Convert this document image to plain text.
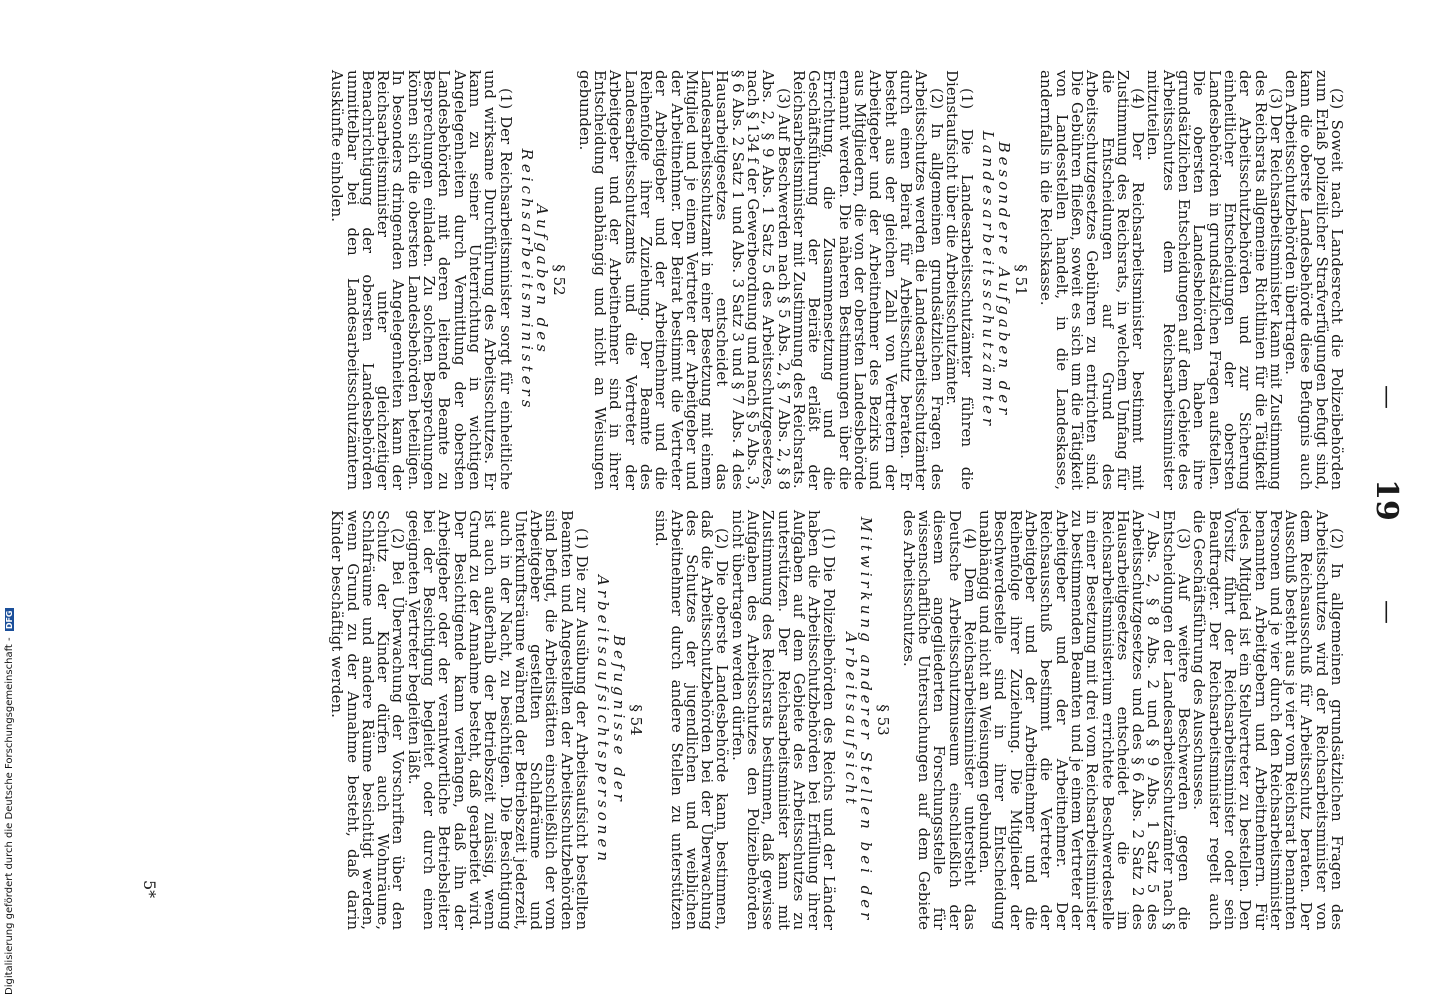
—
19
—

(2) Soweit nach Landesrecht die Polizeibehörden zum Erlaß polizeilicher Strafverfügungen befugt sind, kann die oberste Landesbehörde diese Befugnis auch den Arbeitsschutzbehörden übertragen.

(3) Der Reichsarbeitsminister kann mit Zustimmung des Reichsrats allgemeine Richtlinien für die Tätigkeit der Arbeitsschutzbehörden und zur Sicherung einheitlicher Entscheidungen der obersten Landesbehörden in grundsätzlichen Fragen aufstellen. Die obersten Landesbehörden haben ihre grundsätzlichen Entscheidungen auf dem Gebiete des Arbeitsschutzes dem Reichsarbeitsminister mitzuteilen.

(4) Der Reichsarbeitsminister bestimmt mit Zustimmung des Reichsrats, in welchem Umfang für die Entscheidungen auf Grund des Arbeitsschutzgesetzes Gebühren zu entrichten sind. Die Gebühren fließen, soweit es sich um die Tätigkeit von Landesstellen handelt, in die Landeskasse, andernfalls in die Reichskasse.

§ 51
Besondere Aufgaben der Landesarbeitsschutzämter

(1) Die Landesarbeitsschutzämter führen die Dienstaufsicht über die Arbeitsschutzämter.

(2) In allgemeinen grundsätzlichen Fragen des Arbeitsschutzes werden die Landesarbeitsschutzämter durch einen Beirat für Arbeitsschutz beraten. Er besteht aus der gleichen Zahl von Vertretern der Arbeitgeber und der Arbeitnehmer des Bezirks und aus Mitgliedern, die von der obersten Landesbehörde ernannt werden. Die näheren Bestimmungen über die Errichtung, die Zusammensetzung und die Geschäftsführung der Beiräte erläßt der Reichsarbeitsminister mit Zustimmung des Reichsrats.

(3) Auf Beschwerden nach § 5 Abs. 2, § 7 Abs. 2, § 8 Abs. 2, § 9 Abs. 1 Satz 5 des Arbeitsschutzgesetzes, nach § 134 f der Gewerbeordnung und nach § 5 Abs. 3, § 6 Abs. 2 Satz 1 und Abs. 3 Satz 3 und § 7 Abs. 4 des Hausarbeitgesetzes entscheidet das Landesarbeitsschutzamt in einer Besetzung mit einem Mitglied und je einem Vertreter der Arbeitgeber und der Arbeitnehmer. Der Beirat bestimmt die Vertreter der Arbeitgeber und der Arbeitnehmer und die Reihenfolge ihrer Zuziehung. Der Beamte des Landesarbeitsschutzamts und die Vertreter der Arbeitgeber und der Arbeitnehmer sind in ihrer Entscheidung unabhängig und nicht an Weisungen gebunden.

§ 52
Aufgaben des Reichsarbeitsministers

(1) Der Reichsarbeitsminister sorgt für einheitliche und wirksame Durchführung des Arbeitsschutzes. Er kann zu seiner Unterrichtung in wichtigen Angelegenheiten durch Vermittlung der obersten Landesbehörden mit deren leitende Beamte zu Besprechungen einladen. Zu solchen Besprechungen können sich die obersten Landesbehörden beteiligen. In besonders dringenden Angelegenheiten kann der Reichsarbeitsminister unter gleichzeitiger Benachrichtigung der obersten Landesbehörden unmittelbar bei den Landesarbeitsschutzämtern Auskünfte einholen.

(2) In allgemeinen grundsätzlichen Fragen des Arbeitsschutzes wird der Reichsarbeitsminister von dem Reichsausschuß für Arbeitsschutz beraten. Der Ausschuß besteht aus je vier vom Reichsrat benannten Personen und je vier durch den Reichsarbeitsminister benannten Arbeitgebern und Arbeitnehmern. Für jedes Mitglied ist ein Stellvertreter zu bestellen. Den Vorsitz führt der Reichsarbeitsminister oder sein Beauftragter. Der Reichsarbeitsminister regelt auch die Geschäftsführung des Ausschusses.

(3) Auf weitere Beschwerden gegen die Entscheidungen der Landesarbeitsschutzämter nach § 7 Abs. 2, § 8 Abs. 2 und § 9 Abs. 1 Satz 5 des Arbeitsschutzgesetzes und des § 6 Abs. 2 Satz 2 des Hausarbeitgesetzes entscheidet die im Reichsarbeitsministerium errichtete Beschwerdestelle in einer Besetzung mit drei vom Reichsarbeitsminister zu bestimmenden Beamten und je einem Vertreter der Arbeitgeber und der Arbeitnehmer. Der Reichsausschuß bestimmt die Vertreter der Arbeitgeber und der Arbeitnehmer und die Reihenfolge ihrer Zuziehung. Die Mitglieder der Beschwerdestelle sind in ihrer Entscheidung unabhängig und nicht an Weisungen gebunden.

(4) Dem Reichsarbeitsminister untersteht das Deutsche Arbeitsschutzmuseum einschließlich der diesem angegliederten Forschungsstelle für wissenschaftliche Untersuchungen auf dem Gebiete des Arbeitsschutzes.

§ 53
Mitwirkung anderer Stellen bei der Arbeitsaufsicht

(1) Die Polizeibehörden des Reichs und der Länder haben die Arbeitsschutzbehörden bei Erfüllung ihrer Aufgaben auf dem Gebiete des Arbeitsschutzes zu unterstützen. Der Reichsarbeitsminister kann mit Zustimmung des Reichsrats bestimmen, daß gewisse Aufgaben des Arbeitsschutzes den Polizeibehörden nicht übertragen werden dürfen.

(2) Die oberste Landesbehörde kann bestimmen, daß die Arbeitsschutzbehörden bei der Überwachung des Schutzes der jugendlichen und weiblichen Arbeitnehmer durch andere Stellen zu unterstützen sind.

§ 54
Befugnisse der Arbeitsaufsichtspersonen

(1) Die zur Ausübung der Arbeitsaufsicht bestellten Beamten und Angestellten der Arbeitsschutzbehörden sind befugt, die Arbeitsstätten einschließlich der vom Arbeitgeber gestellten Schlafräume und Unterkunftsräume während der Betriebszeit jederzeit, auch in der Nacht, zu besichtigen. Die Besichtigung ist auch außerhalb der Betriebszeit zulässig, wenn Grund zu der Annahme besteht, daß gearbeitet wird. Der Besichtigende kann verlangen, daß ihn der Arbeitgeber oder der verantwortliche Betriebsleiter bei der Besichtigung begleitet oder durch einen geeigneten Vertreter begleiten läßt.

(2) Bei Überwachung der Vorschriften über den Schutz der Kinder dürfen auch Wohnräume, Schlafräume und andere Räume besichtigt werden, wenn Grund zu der Annahme besteht, daß darin Kinder beschäftigt werden.

5*
Digitalisierung gefördert durch die Deutsche Forschungsgemeinschaft - DFG
